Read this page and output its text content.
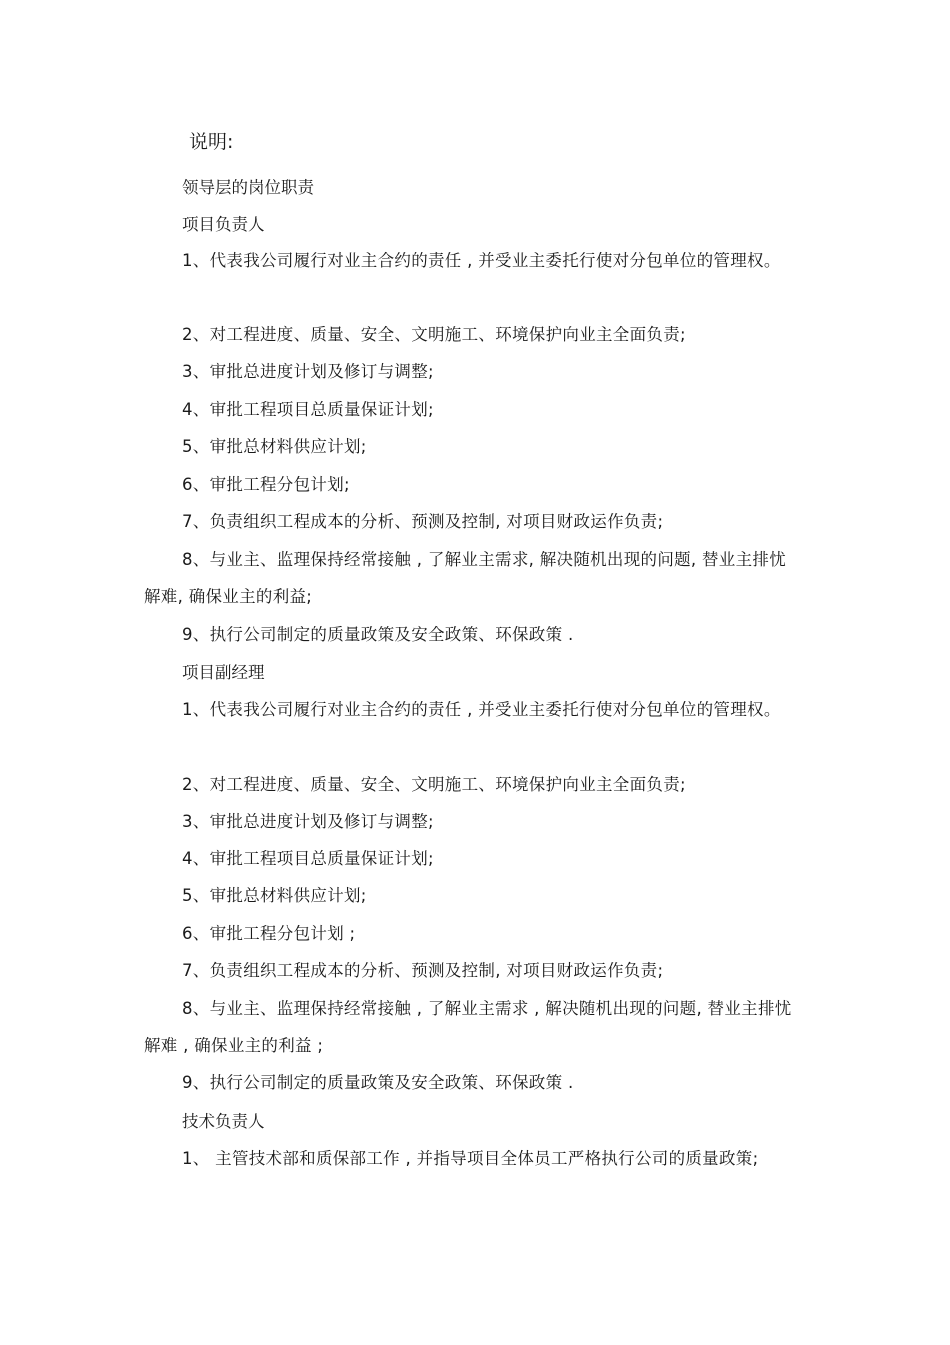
说明:
领导层的岗位职责
项目负责人
1、代表我公司履行对业主合约的责任 , 并受业主委托行使对分包单位的管理权。
2、对工程进度、质量、安全、文明施工、环境保护向业主全面负责;
3、审批总进度计划及修订与调整;
4、审批工程项目总质量保证计划;
5、审批总材料供应计划;
6、审批工程分包计划;
7、负责组织工程成本的分析、预测及控制, 对项目财政运作负责;
8、与业主、监理保持经常接触 , 了解业主需求, 解决随机出现的问题, 替业主排忧解难, 确保业主的利益;
9、执行公司制定的质量政策及安全政策、环保政策 .
项目副经理
1、代表我公司履行对业主合约的责任 , 并受业主委托行使对分包单位的管理权。
2、对工程进度、质量、安全、文明施工、环境保护向业主全面负责;
3、审批总进度计划及修订与调整;
4、审批工程项目总质量保证计划;
5、审批总材料供应计划;
6、审批工程分包计划 ;
7、负责组织工程成本的分析、预测及控制, 对项目财政运作负责;
8、与业主、监理保持经常接触 , 了解业主需求 , 解决随机出现的问题, 替业主排忧解难 , 确保业主的利益 ;
9、执行公司制定的质量政策及安全政策、环保政策 .
技术负责人
1、 主管技术部和质保部工作 , 并指导项目全体员工严格执行公司的质量政策;
